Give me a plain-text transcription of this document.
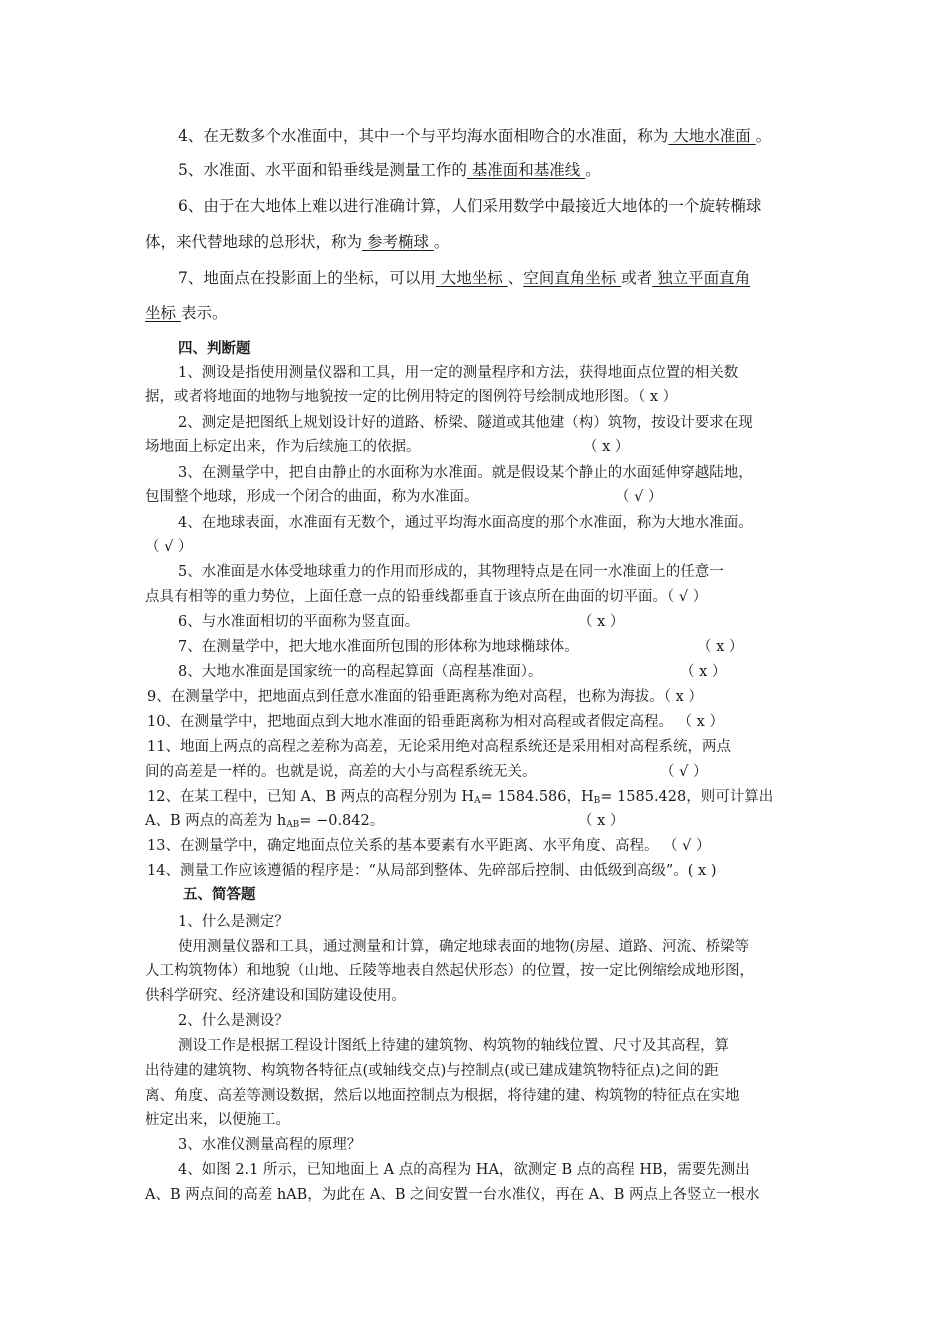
4、在无数多个水准面中，其中一个与平均海水面相吻合的水准面，称为 大地水准面 。
5、水准面、水平面和铅垂线是测量工作的 基准面和基准线 。
6、由于在大地体上难以进行准确计算，人们采用数学中最接近大地体的一个旋转椭球
体，来代替地球的总形状，称为 参考椭球 。
7、地面点在投影面上的坐标，可以用 大地坐标 、空间直角坐标 或者 独立平面直角
坐标 表示。
四、判断题
1、测设是指使用测量仪器和工具，用一定的测量程序和方法，获得地面点位置的相关数
据，或者将地面的地物与地貌按一定的比例用特定的图例符号绘制成地形图。（ x ）
2、测定是把图纸上规划设计好的道路、桥梁、隧道或其他建（构）筑物，按设计要求在现
场地面上标定出来，作为后续施工的依据。	（ x ）
3、在测量学中，把自由静止的水面称为水准面。就是假设某个静止的水面延伸穿越陆地，
包围整个地球，形成一个闭合的曲面，称为水准面。	（ √ ）
4、在地球表面，水准面有无数个，通过平均海水面高度的那个水准面，称为大地水准面。
（ √ ）
5、水准面是水体受地球重力的作用而形成的，其物理特点是在同一水准面上的任意一
点具有相等的重力势位，上面任意一点的铅垂线都垂直于该点所在曲面的切平面。（ √ ）
6、与水准面相切的平面称为竖直面。	（ x ）
7、在测量学中，把大地水准面所包围的形体称为地球椭球体。	（ x ）
8、大地水准面是国家统一的高程起算面（高程基准面）。	（ x ）
9、在测量学中，把地面点到任意水准面的铅垂距离称为绝对高程，也称为海拔。（ x ）
10、在测量学中，把地面点到大地水准面的铅垂距离称为相对高程或者假定高程。 （ x ）
11、地面上两点的高程之差称为高差，无论采用绝对高程系统还是采用相对高程系统，两点
间的高差是一样的。也就是说，高差的大小与高程系统无关。	（ √ ）
13、在测量学中，确定地面点位关系的基本要素有水平距离、水平角度、高程。 （ √ ）
14、测量工作应该遵循的程序是：“从局部到整体、先碎部后控制、由低级到高级”。( x )
12、在某工程中，已知 A、B 两点的高程分别为 $H_A= 1584.586$，$H_B= 1585.428$，则可计算出
A、B 两点的高差为 $h_{AB}= -0.842$。	（ x ）
五、简答题
1、什么是测定？
使用测量仪器和工具，通过测量和计算，确定地球表面的地物(房屋、道路、河流、桥梁等
人工构筑物体）和地貌（山地、丘陵等地表自然起伏形态）的位置，按一定比例缩绘成地形图，
供科学研究、经济建设和国防建设使用。
2、什么是测设？
测设工作是根据工程设计图纸上待建的建筑物、构筑物的轴线位置、尺寸及其高程，算
出待建的建筑物、构筑物各特征点(或轴线交点)与控制点(或已建成建筑物特征点)之间的距
离、角度、高差等测设数据，然后以地面控制点为根据，将待建的建、构筑物的特征点在实地
桩定出来，以便施工。
3、水准仪测量高程的原理？
4、如图 2.1 所示，已知地面上 A 点的高程为 HA，欲测定 B 点的高程 HB，需要先测出
A、B 两点间的高差 hAB，为此在 A、B 之间安置一台水准仪，再在 A、B 两点上各竖立一根水
